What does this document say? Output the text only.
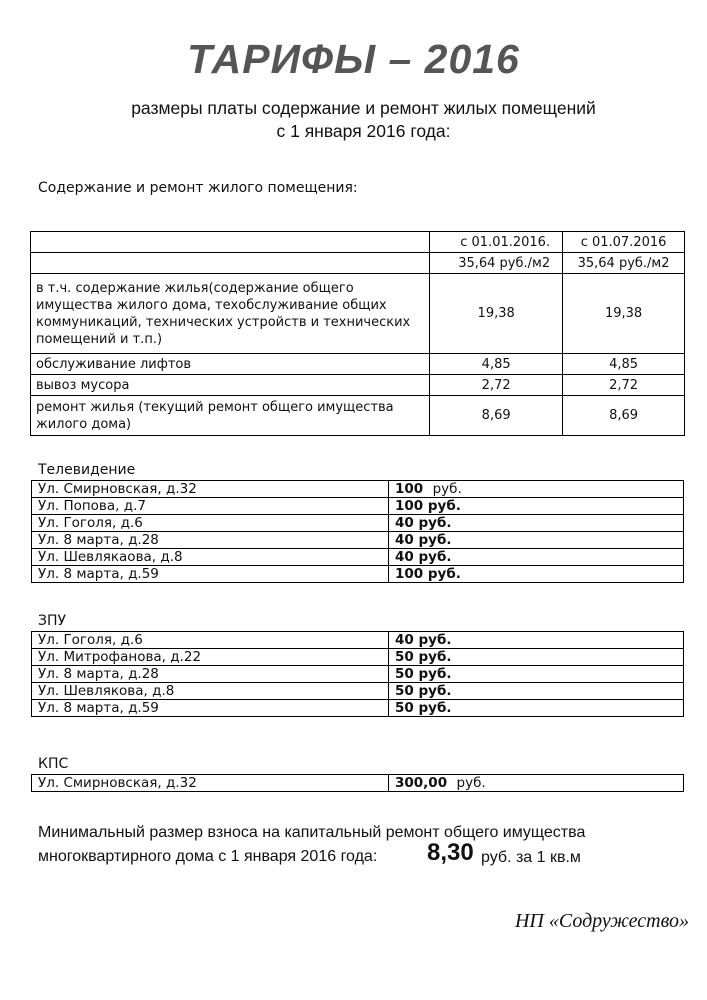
ТАРИФЫ – 2016
размеры платы содержание и ремонт жилых помещений
с 1 января 2016 года:
Содержание и ремонт жилого помещения:
	с 01.01.2016.	с 01.07.2016
	35,64 руб./м2	35,64 руб./м2
в т.ч. содержание жилья(содержание общего имущества жилого дома, техобслуживание общих коммуникаций, технических устройств и технических помещений и т.п.)	19,38	19,38
обслуживание лифтов	4,85	4,85
вывоз мусора	2,72	2,72
ремонт жилья (текущий ремонт общего имущества жилого дома)	8,69	8,69
Телевидение
Ул. Смирновская, д.32	100 руб.
Ул. Попова, д.7	100 руб.
Ул. Гоголя, д.6	40 руб.
Ул. 8 марта, д.28	40 руб.
Ул. Шевлякаова, д.8	40 руб.
Ул. 8 марта, д.59	100 руб.
ЗПУ
Ул. Гоголя, д.6	40 руб.
Ул. Митрофанова, д.22	50 руб.
Ул. 8 марта, д.28	50 руб.
Ул. Шевлякова, д.8	50 руб.
Ул. 8 марта, д.59	50 руб.
КПС
Ул. Смирновская, д.32	300,00 руб.
Минимальный размер взноса на капитальный ремонт общего имущества
многоквартирного дома с 1 января 2016 года: 8,30 руб. за 1 кв.м
НП «Содружество»
